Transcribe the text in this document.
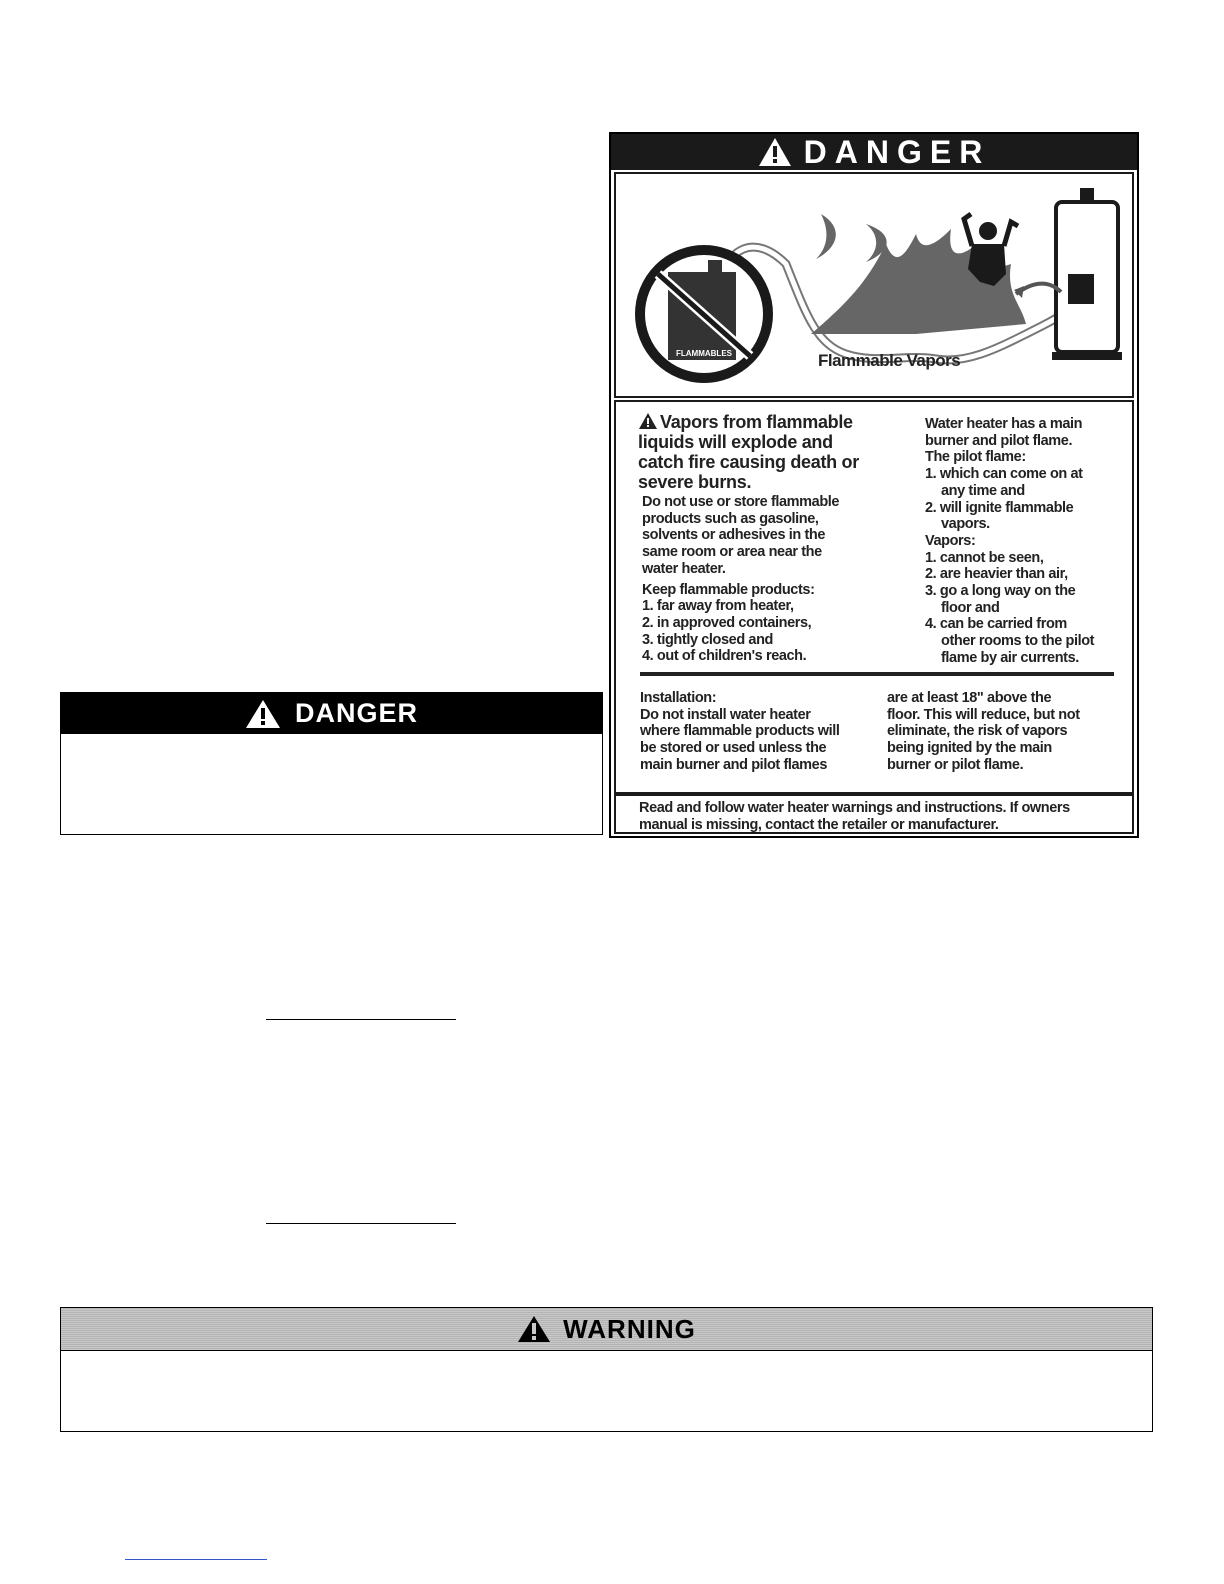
DANGER
DANGER
FLAMMABLES	Flammable Vapors
Vapors from flammable
liquids will explode and
catch fire causing death or
severe burns.
Do not use or store flammable
products such as gasoline,
solvents or adhesives in the
same room or area near the
water heater.
Keep flammable products:
1. far away from heater,
2. in approved containers,
3. tightly closed and
4. out of children's reach.
Water heater has a main
burner and pilot flame.
The pilot flame:
1. which can come on at
any time and
2. will ignite flammable
vapors.
Vapors:
1. cannot be seen,
2. are heavier than air,
3. go a long way on the
floor and
4. can be carried from
other rooms to the pilot
flame by air currents.
Installation:
Do not install water heater
where flammable products will
be stored or used unless the
main burner and pilot flames
are at least 18" above the
floor. This will reduce, but not
eliminate, the risk of vapors
being ignited by the main
burner or pilot flame.
Read and follow water heater warnings and instructions. If owners
manual is missing, contact the retailer or manufacturer.
WARNING
